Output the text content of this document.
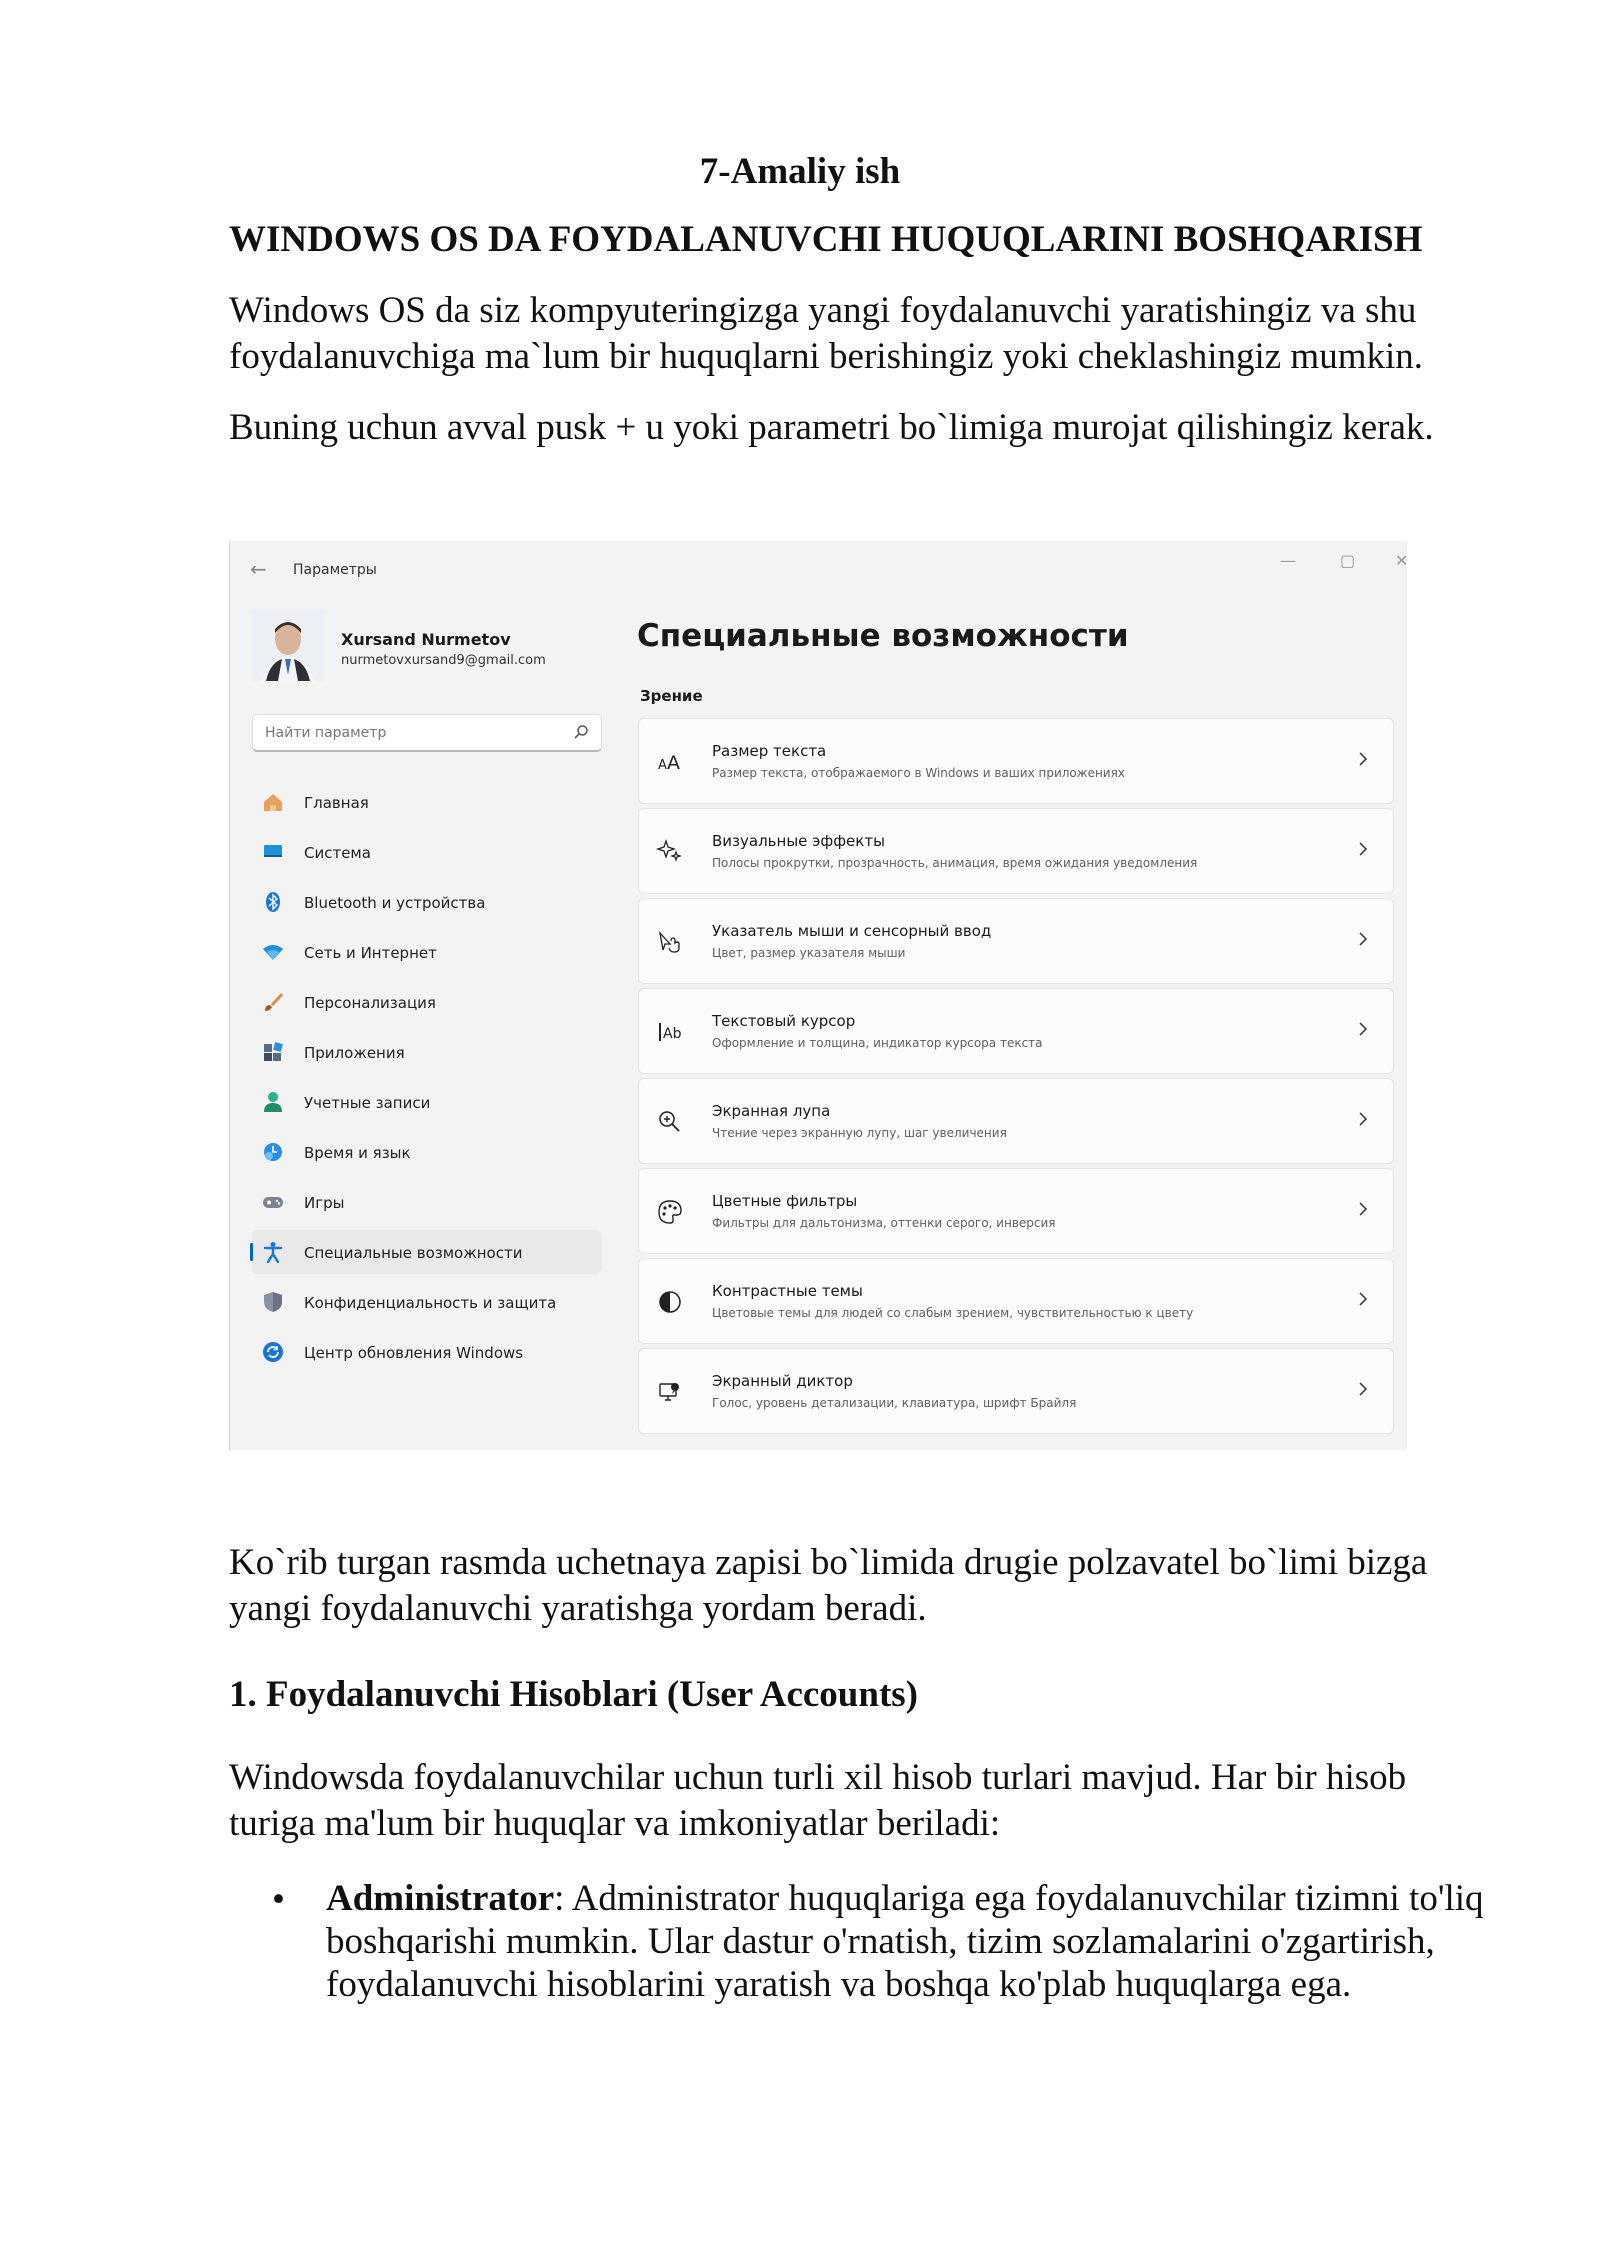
7-Amaliy ish
WINDOWS OS DA FOYDALANUVCHI HUQUQLARINI BOSHQARISH
Windows OS da siz kompyuteringizga yangi foydalanuvchi yaratishingiz va shu foydalanuvchiga ma`lum bir huquqlarni berishingiz yoki cheklashingiz mumkin.
Buning uchun avval pusk + u yoki parametri bo`limiga murojat qilishingiz kerak.
← Параметры	—	▢ ✕
Xursand Nurmetov
nurmetovxursand9@gmail.com
Найти параметр
Главная
Система
Bluetooth и устройства
Сеть и Интернет
Персонализация
Приложения
Учетные записи
Время и язык
Игры
Специальные возможности
Конфиденциальность и защита
Центр обновления Windows
Специальные возможности
Зрение
A A
Размер текста
Размер текста, отображаемого в Windows и ваших приложениях
Визуальные эффекты
Полосы прокрутки, прозрачность, анимация, время ожидания уведомления
Указатель мыши и сенсорный ввод
Цвет, размер указателя мыши
Ab
Текстовый курсор
Оформление и толщина, индикатор курсора текста
Экранная лупа
Чтение через экранную лупу, шаг увеличения
Цветные фильтры
Фильтры для дальтонизма, оттенки серого, инверсия
Контрастные темы
Цветовые темы для людей со слабым зрением, чувствительностью к цвету
Экранный диктор
Голос, уровень детализации, клавиатура, шрифт Брайля
Ko`rib turgan rasmda uchetnaya zapisi bo`limida drugie polzavatel bo`limi bizga yangi foydalanuvchi yaratishga yordam beradi.
1. Foydalanuvchi Hisoblari (User Accounts)
Windowsda foydalanuvchilar uchun turli xil hisob turlari mavjud. Har bir hisob turiga ma'lum bir huquqlar va imkoniyatlar beriladi:
• Administrator: Administrator huquqlariga ega foydalanuvchilar tizimni to'liq boshqarishi mumkin. Ular dastur o'rnatish, tizim sozlamalarini o'zgartirish, foydalanuvchi hisoblarini yaratish va boshqa ko'plab huquqlarga ega.
